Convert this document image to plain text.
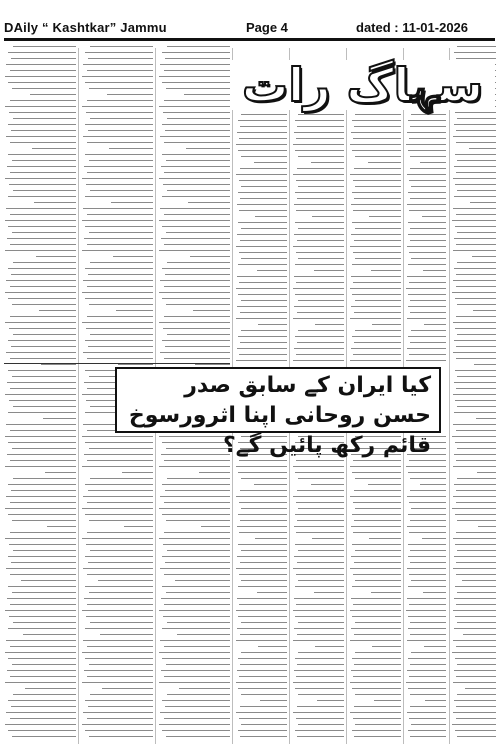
DAily “ Kashtkar” Jammu	Page 4	dated : 11-01-2026
سہاگ رات
کیا ایران کے سابق صدر حسن روحانی اپنا اثرورسوخ قائم رکھ پائیں گے؟
